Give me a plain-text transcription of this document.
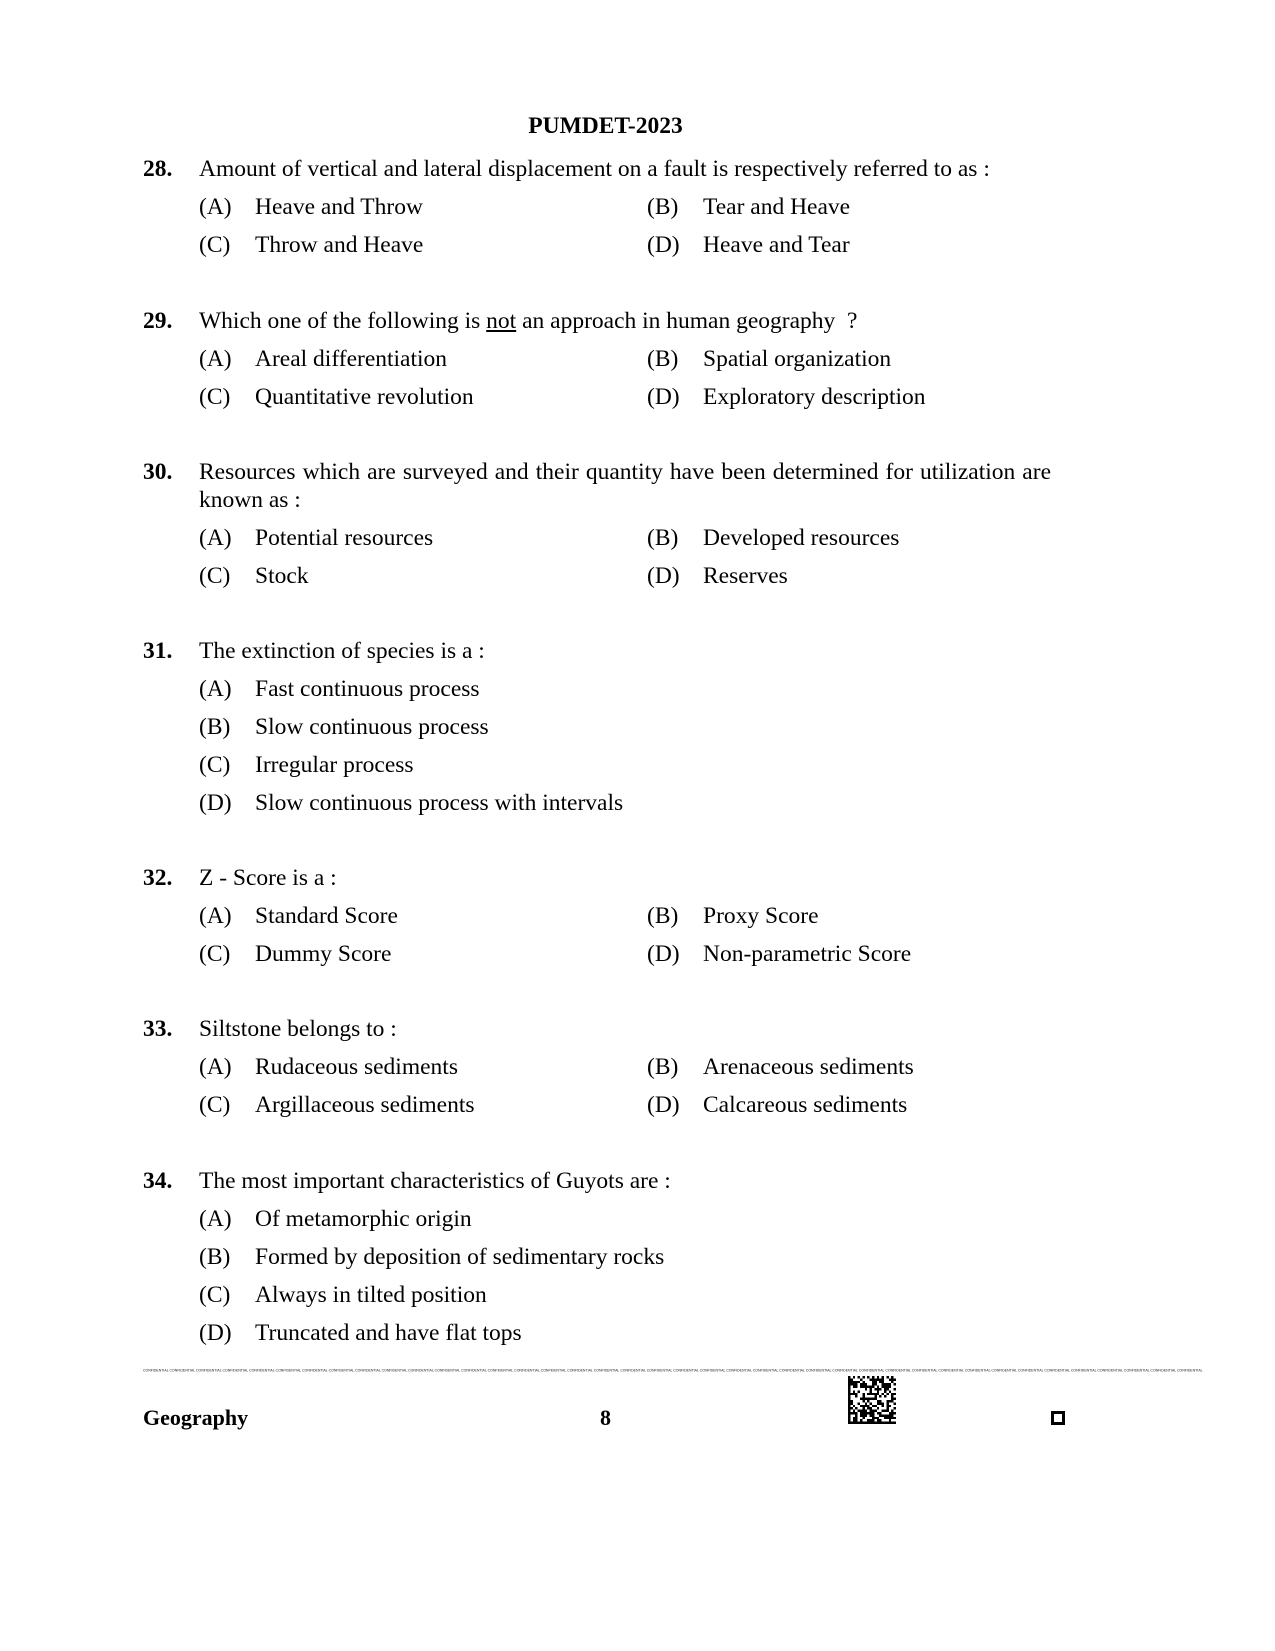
PUMDET-2023
28. Amount of vertical and lateral displacement on a fault is respectively referred to as :
(A) Heave and Throw	(B) Tear and Heave
(C) Throw and Heave	(D) Heave and Tear
29. Which one of the following is not an approach in human geography  ?
(A) Areal differentiation	(B) Spatial organization
(C) Quantitative revolution	(D) Exploratory description
30. Resources which are surveyed and their quantity have been determined for utilization are known as :
(A) Potential resources	(B) Developed resources
(C) Stock	(D) Reserves
31. The extinction of species is a :
(A) Fast continuous process
(B) Slow continuous process
(C) Irregular process
(D) Slow continuous process with intervals
32. Z - Score is a :
(A) Standard Score	(B) Proxy Score
(C) Dummy Score	(D) Non-parametric Score
33. Siltstone belongs to :
(A) Rudaceous sediments	(B) Arenaceous sediments
(C) Argillaceous sediments	(D) Calcareous sediments
34. The most important characteristics of Guyots are :
(A) Of metamorphic origin
(B) Formed by deposition of sedimentary rocks
(C) Always in tilted position
(D) Truncated and have flat tops
CONFIDENTIAL CONFIDENTIAL CONFIDENTIAL CONFIDENTIAL CONFIDENTIAL CONFIDENTIAL CONFIDENTIAL CONFIDENTIAL CONFIDENTIAL CONFIDENTIAL CONFIDENTIAL CONFIDENTIAL CONFIDENTIAL CONFIDENTIAL CONFIDENTIAL CONFIDENTIAL CONFIDENTIAL CONFIDENTIAL CONFIDENTIAL CONFIDENTIAL CONFIDENTIAL CONFIDENTIAL CONFIDENTIAL CONFIDENTIAL CONFIDENTIAL CONFIDENTIAL CONFIDENTIAL CONFIDENTIAL CONFIDENTIAL CONFIDENTIAL CONFIDENTIAL CONFIDENTIAL CONFIDENTIAL CONFIDENTIAL CONFIDENTIAL CONFIDENTIAL CONFIDENTIAL CONFIDENTIAL CONFIDENTIAL CONFIDENTIAL
Geography	8
